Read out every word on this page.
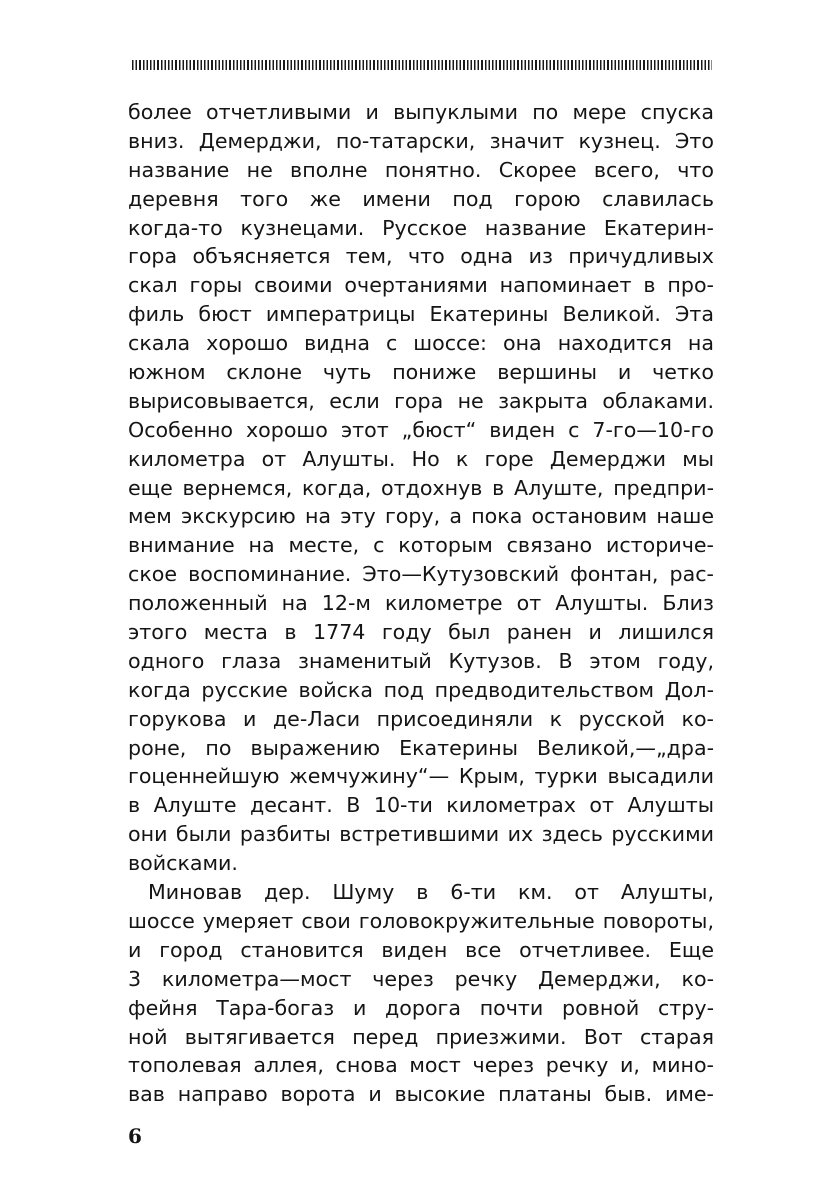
более отчетливыми и выпуклыми по мере спуска
вниз. Демерджи, по-татарски, значит кузнец. Это
название не вполне понятно. Скорее всего, что
деревня того же имени под горою славилась
когда-то кузнецами. Русское название Екатерин-
гора объясняется тем, что одна из причудливых
скал горы своими очертаниями напоминает в про-
филь бюст императрицы Екатерины Великой. Эта
скала хорошо видна с шоссе: она находится на
южном склоне чуть пониже вершины и четко
вырисовывается, если гора не закрыта облаками.
Особенно хорошо этот „бюст“ виден с 7-го—10-го
километра от Алушты. Но к горе Демерджи мы
еще вернемся, когда, отдохнув в Алуште, предпри-
мем экскурсию на эту гору, а пока остановим наше
внимание на месте, с которым связано историче-
ское воспоминание. Это—Кутузовский фонтан, рас-
положенный на 12-м километре от Алушты. Близ
этого места в 1774 году был ранен и лишился
одного глаза знаменитый Кутузов. В этом году,
когда русские войска под предводительством Дол-
горукова и де-Ласи присоединяли к русской ко-
роне, по выражению Екатерины Великой,—„дра-
гоценнейшую жемчужину“— Крым, турки высадили
в Алуште десант. В 10-ти километрах от Алушты
они были разбиты встретившими их здесь русскими
войсками.
Миновав дер. Шуму в 6-ти км. от Алушты,
шоссе умеряет свои головокружительные повороты,
и город становится виден все отчетливее. Еще
3 километра—мост через речку Демерджи, ко-
фейня Тара-богаз и дорога почти ровной стру-
ной вытягивается перед приезжими. Вот старая
тополевая аллея, снова мост через речку и, мино-
вав направо ворота и высокие платаны быв. име-
6
